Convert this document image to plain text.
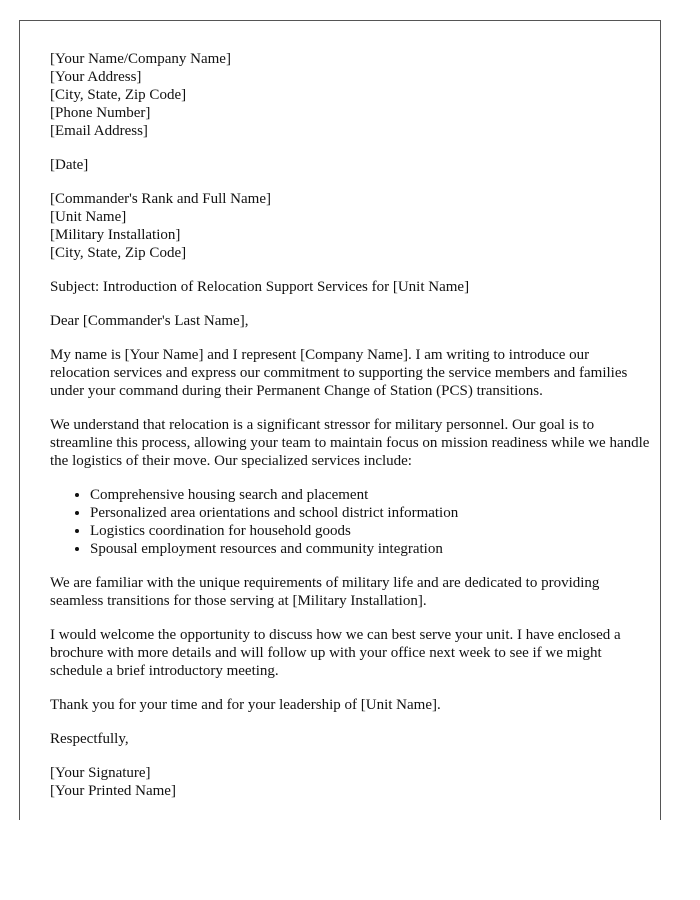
[Your Name/Company Name]
[Your Address]
[City, State, Zip Code]
[Phone Number]
[Email Address]
[Date]
[Commander's Rank and Full Name]
[Unit Name]
[Military Installation]
[City, State, Zip Code]
Subject: Introduction of Relocation Support Services for [Unit Name]
Dear [Commander's Last Name],

My name is [Your Name] and I represent [Company Name]. I am writing to introduce our relocation services and express our commitment to supporting the service members and families under your command during their Permanent Change of Station (PCS) transitions.

We understand that relocation is a significant stressor for military personnel. Our goal is to streamline this process, allowing your team to maintain focus on mission readiness while we handle the logistics of their move. Our specialized services include:

• Comprehensive housing search and placement
• Personalized area orientations and school district information
• Logistics coordination for household goods
• Spousal employment resources and community integration

We are familiar with the unique requirements of military life and are dedicated to providing seamless transitions for those serving at [Military Installation].

I would welcome the opportunity to discuss how we can best serve your unit. I have enclosed a brochure with more details and will follow up with your office next week to see if we might schedule a brief introductory meeting.

Thank you for your time and for your leadership of [Unit Name].

Respectfully,
[Your Signature]
[Your Printed Name]
